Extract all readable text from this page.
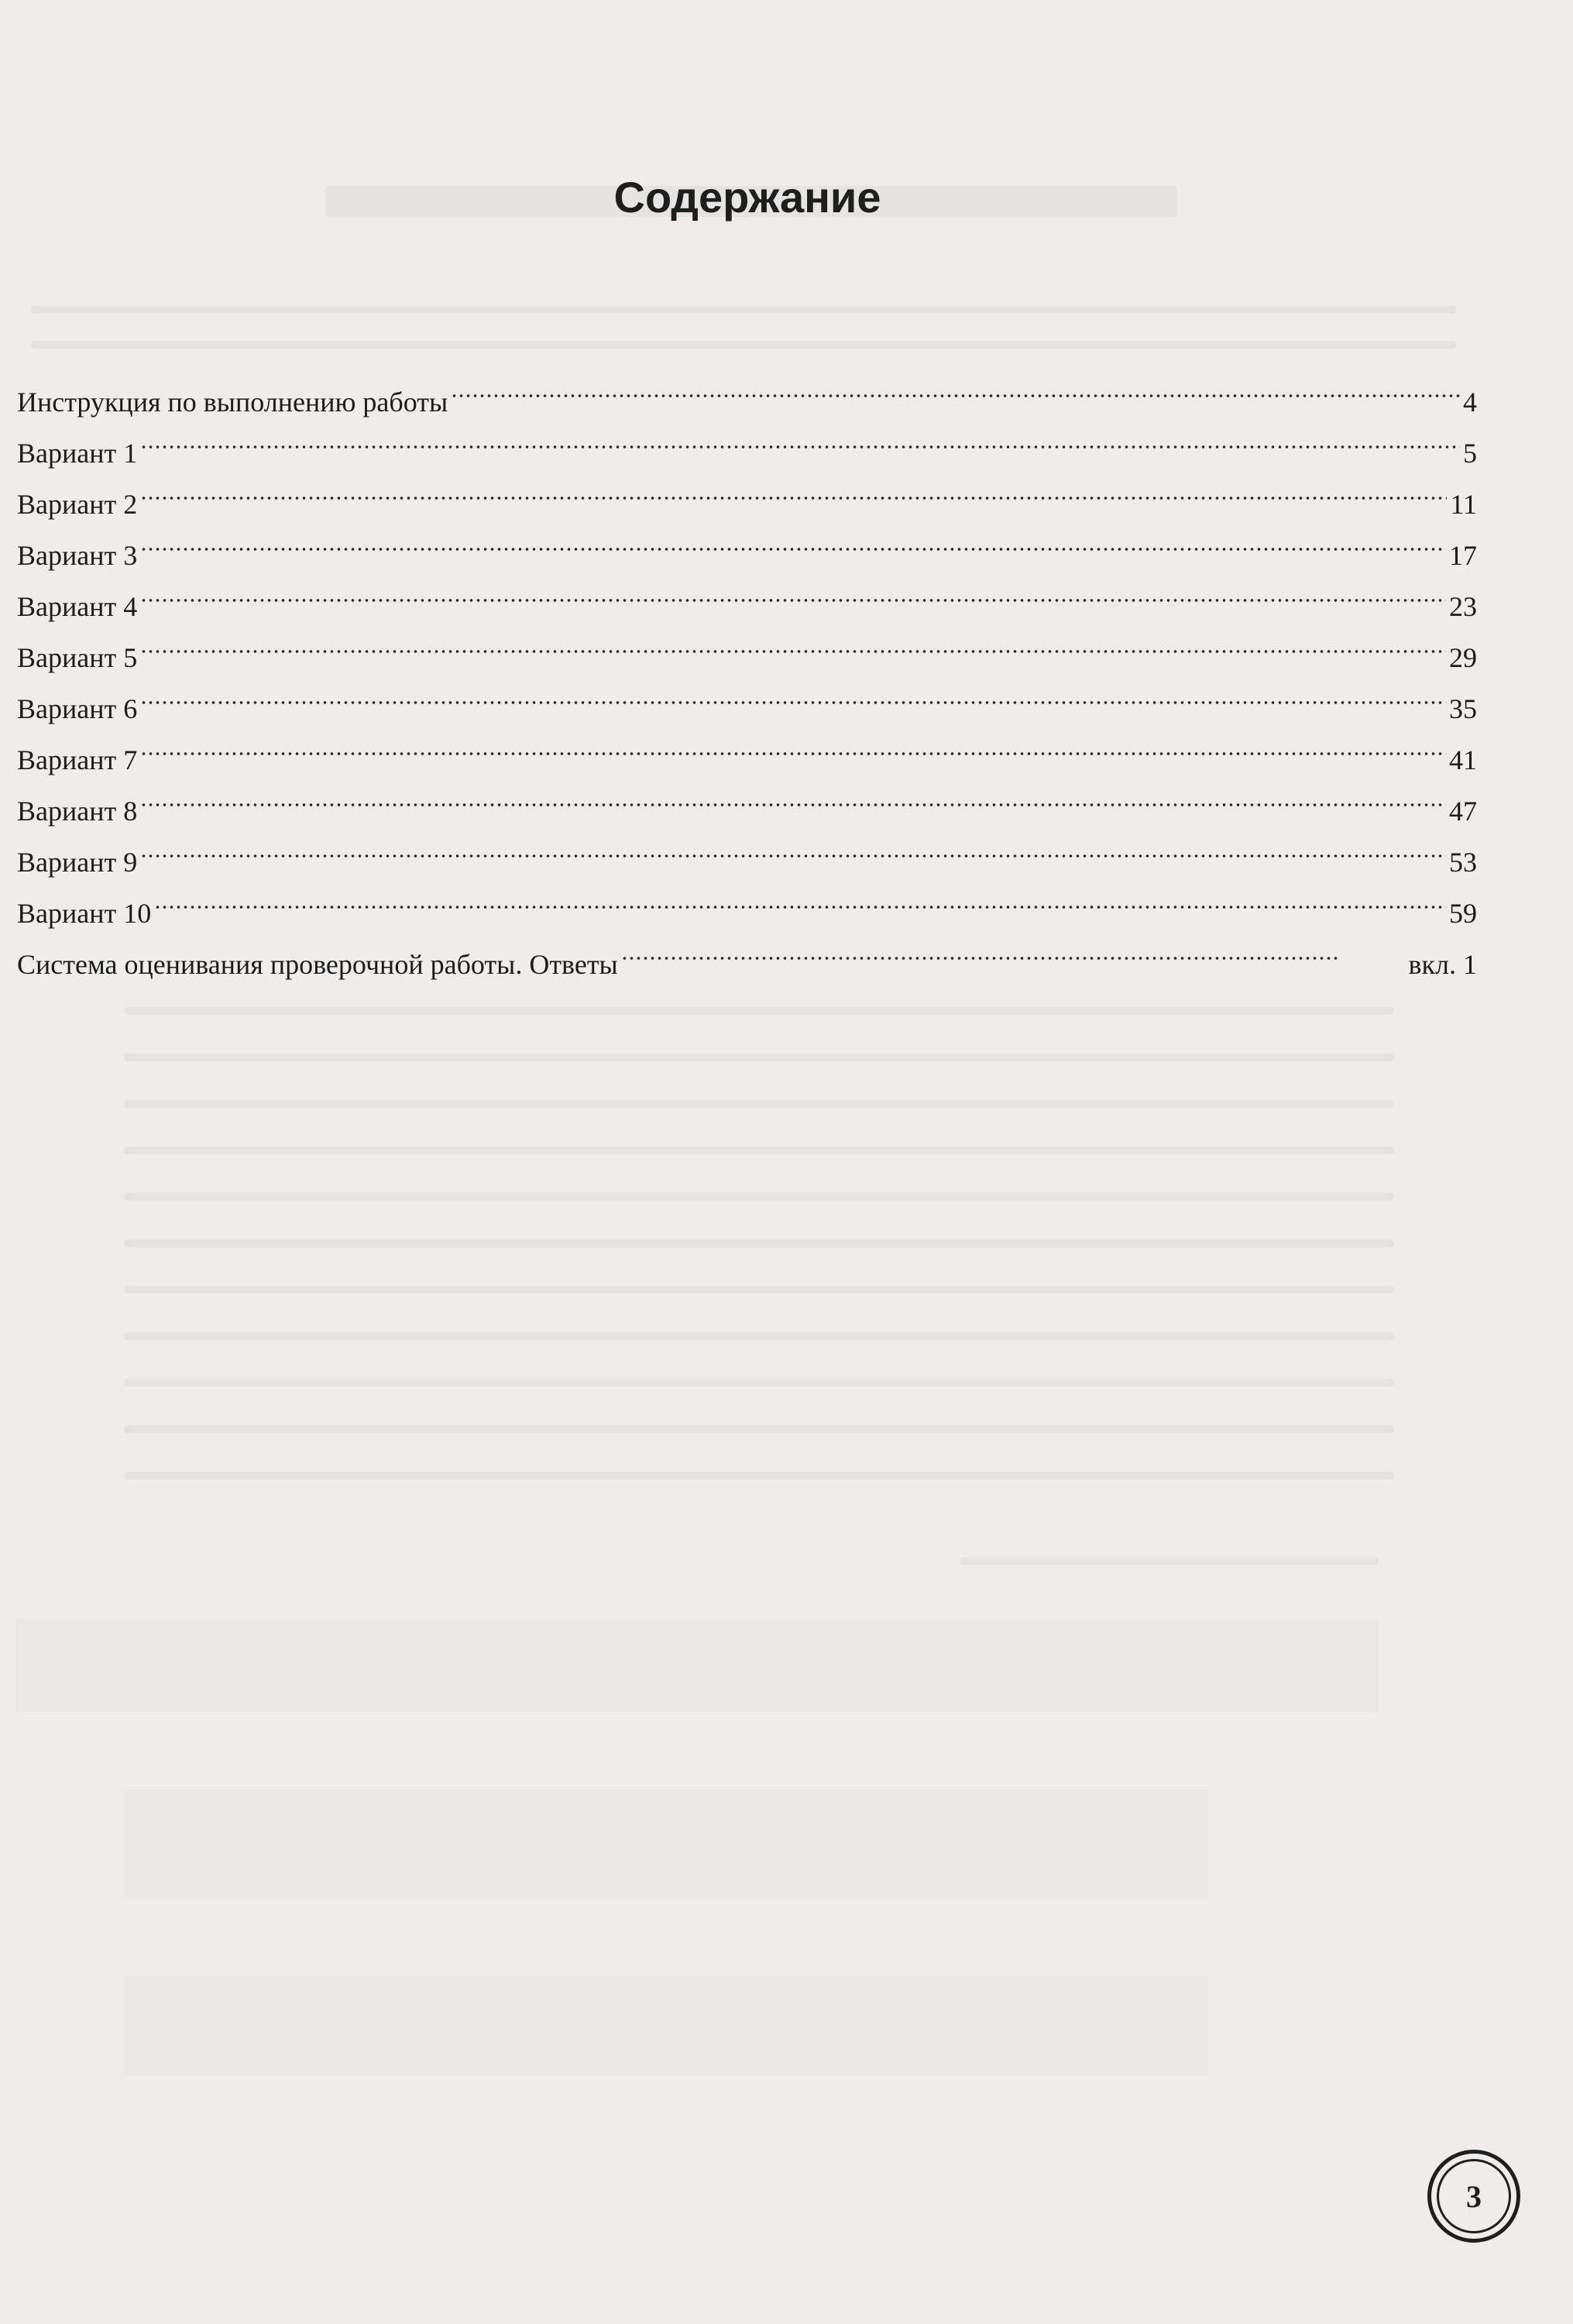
Содержание
Инструкция по выполнению работы	4
Вариант 1	5
Вариант 2	11
Вариант 3	17
Вариант 4	23
Вариант 5	29
Вариант 6	35
Вариант 7	41
Вариант 8	47
Вариант 9	53
Вариант 10	59
Система оценивания проверочной работы. Ответы	вкл. 1
3
